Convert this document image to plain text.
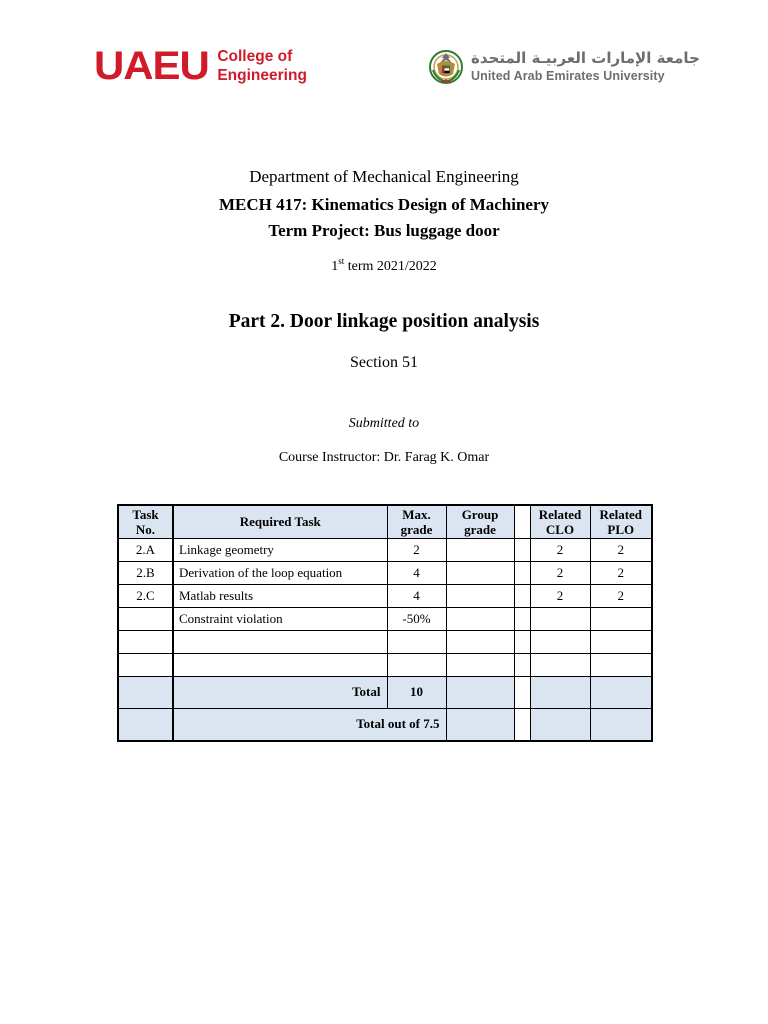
UAEU College of
Engineering
جامعة الإمارات العربيـة المتحدة
United Arab Emirates University
Department of Mechanical Engineering
MECH 417: Kinematics Design of Machinery
Term Project: Bus luggage door
1st term 2021/2022
Part 2. Door linkage position analysis
Section 51
Submitted to
Course Instructor: Dr. Farag K. Omar
Task No.	Required Task	Max. grade	Group grade		Related CLO	Related PLO
2.A	Linkage geometry	2			2	2
2.B	Derivation of the loop equation	4			2	2
2.C	Matlab results	4			2	2
	Constraint violation	-50%				

	Total	10				
	Total out of 7.5					
